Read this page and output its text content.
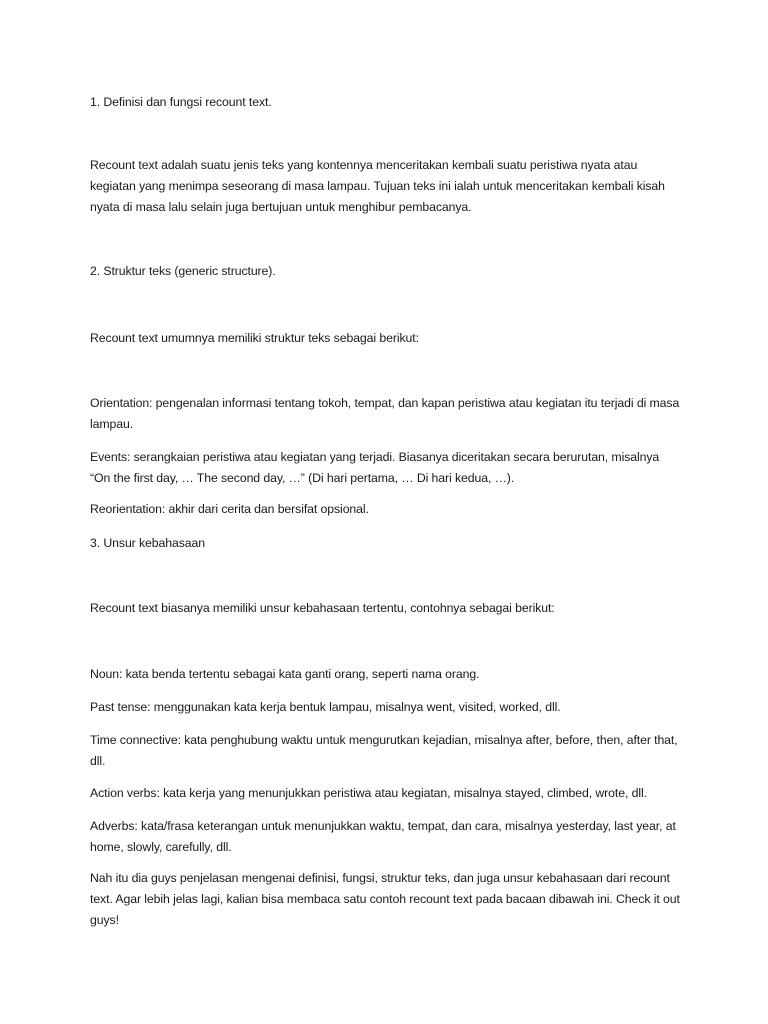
1. Definisi dan fungsi recount text.

Recount text adalah suatu jenis teks yang kontennya menceritakan kembali suatu peristiwa nyata atau kegiatan yang menimpa seseorang di masa lampau. Tujuan teks ini ialah untuk menceritakan kembali kisah nyata di masa lalu selain juga bertujuan untuk menghibur pembacanya.

2. Struktur teks (generic structure).

Recount text umumnya memiliki struktur teks sebagai berikut:

Orientation: pengenalan informasi tentang tokoh, tempat, dan kapan peristiwa atau kegiatan itu terjadi di masa lampau.

Events: serangkaian peristiwa atau kegiatan yang terjadi. Biasanya diceritakan secara berurutan, misalnya “On the first day, … The second day, …” (Di hari pertama, … Di hari kedua, …).

Reorientation: akhir dari cerita dan bersifat opsional.

3. Unsur kebahasaan

Recount text biasanya memiliki unsur kebahasaan tertentu, contohnya sebagai berikut:

Noun: kata benda tertentu sebagai kata ganti orang, seperti nama orang.

Past tense: menggunakan kata kerja bentuk lampau, misalnya went, visited, worked, dll.

Time connective: kata penghubung waktu untuk mengurutkan kejadian, misalnya after, before, then, after that, dll.

Action verbs: kata kerja yang menunjukkan peristiwa atau kegiatan, misalnya stayed, climbed, wrote, dll.

Adverbs: kata/frasa keterangan untuk menunjukkan waktu, tempat, dan cara, misalnya yesterday, last year, at home, slowly, carefully, dll.

Nah itu dia guys penjelasan mengenai definisi, fungsi, struktur teks, dan juga unsur kebahasaan dari recount text. Agar lebih jelas lagi, kalian bisa membaca satu contoh recount text pada bacaan dibawah ini. Check it out guys!
